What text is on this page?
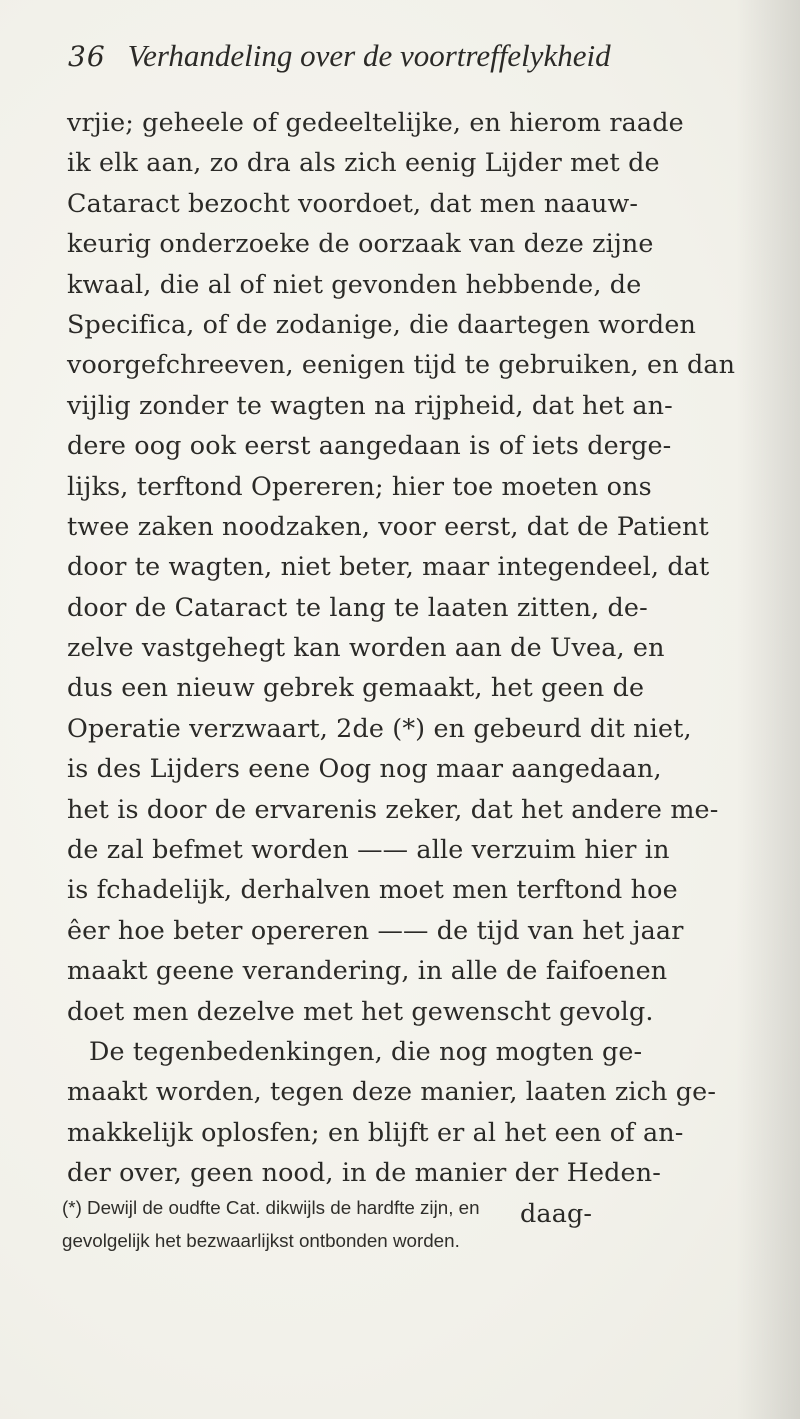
36 Verhandeling over de voortreffelykheid
vrjie; geheele of gedeeltelijke, en hierom raade
ik elk aan, zo dra als zich eenig Lijder met de
Cataract bezocht voordoet, dat men naauw-
keurig onderzoeke de oorzaak van deze zijne
kwaal, die al of niet gevonden hebbende, de
Specifica, of de zodanige, die daartegen worden
voorgefchreeven, eenigen tijd te gebruiken, en dan
vijlig zonder te wagten na rijpheid, dat het an-
dere oog ook eerst aangedaan is of iets derge-
lijks, terftond Opereren; hier toe moeten ons
twee zaken noodzaken, voor eerst, dat de Patient
door te wagten, niet beter, maar integendeel, dat
door de Cataract te lang te laaten zitten, de-
zelve vastgehegt kan worden aan de Uvea, en
dus een nieuw gebrek gemaakt, het geen de
Operatie verzwaart, 2de (*) en gebeurd dit niet,
is des Lijders eene Oog nog maar aangedaan,
het is door de ervarenis zeker, dat het andere me-
de zal befmet worden —— alle verzuim hier in
is fchadelijk, derhalven moet men terftond hoe
êer hoe beter opereren —— de tijd van het jaar
maakt geene verandering, in alle de faifoenen
doet men dezelve met het gewenscht gevolg.
De tegenbedenkingen, die nog mogten ge-
maakt worden, tegen deze manier, laaten zich ge-
makkelijk oplosfen; en blijft er al het een of an-
der over, geen nood, in de manier der Heden-
daag-
(*) Dewijl de oudfte Cat. dikwijls de hardfte zijn, en
gevolgelijk het bezwaarlijkst ontbonden worden.
